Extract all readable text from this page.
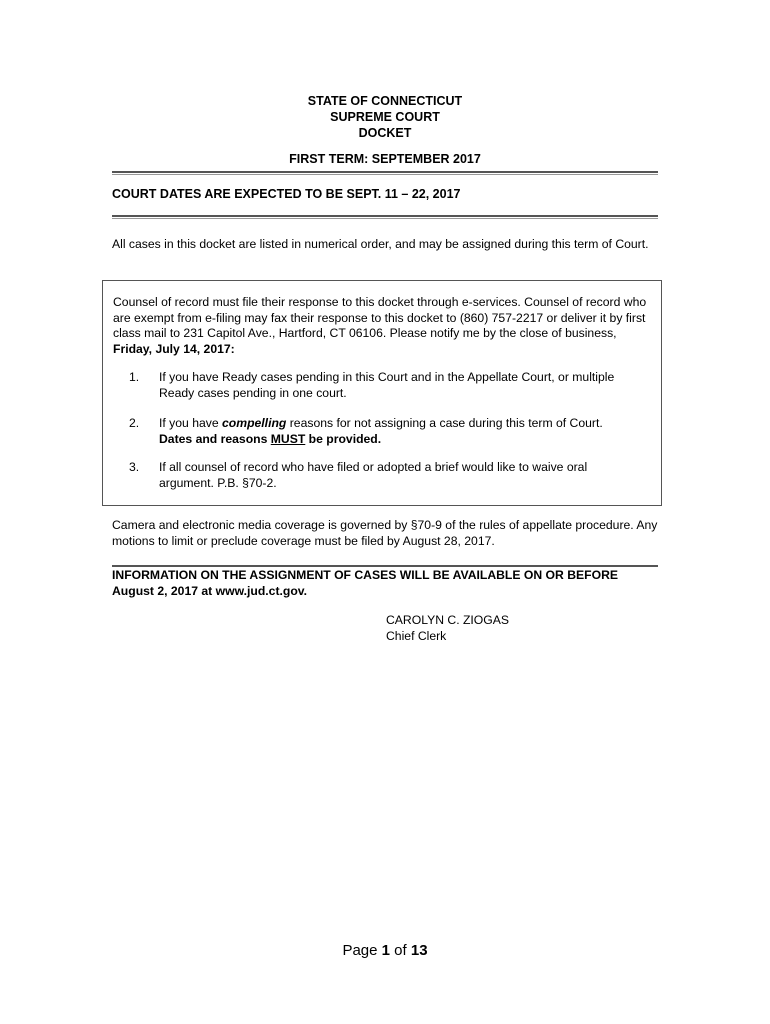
STATE OF CONNECTICUT
SUPREME COURT
DOCKET
FIRST TERM: SEPTEMBER 2017
COURT DATES ARE EXPECTED TO BE SEPT. 11 – 22, 2017
All cases in this docket are listed in numerical order, and may be assigned during this term of Court.
Counsel of record must file their response to this docket through e-services. Counsel of record who are exempt from e-filing may fax their response to this docket to (860) 757-2217 or deliver it by first class mail to 231 Capitol Ave., Hartford, CT 06106. Please notify me by the close of business, Friday, July 14, 2017:
1. If you have Ready cases pending in this Court and in the Appellate Court, or multiple Ready cases pending in one court.
2. If you have compelling reasons for not assigning a case during this term of Court.
Dates and reasons MUST be provided.
3. If all counsel of record who have filed or adopted a brief would like to waive oral argument. P.B. §70-2.
Camera and electronic media coverage is governed by §70-9 of the rules of appellate procedure. Any motions to limit or preclude coverage must be filed by August 28, 2017.
INFORMATION ON THE ASSIGNMENT OF CASES WILL BE AVAILABLE ON OR BEFORE August 2, 2017 at www.jud.ct.gov.
CAROLYN C. ZIOGAS
Chief Clerk
Page 1 of 13
